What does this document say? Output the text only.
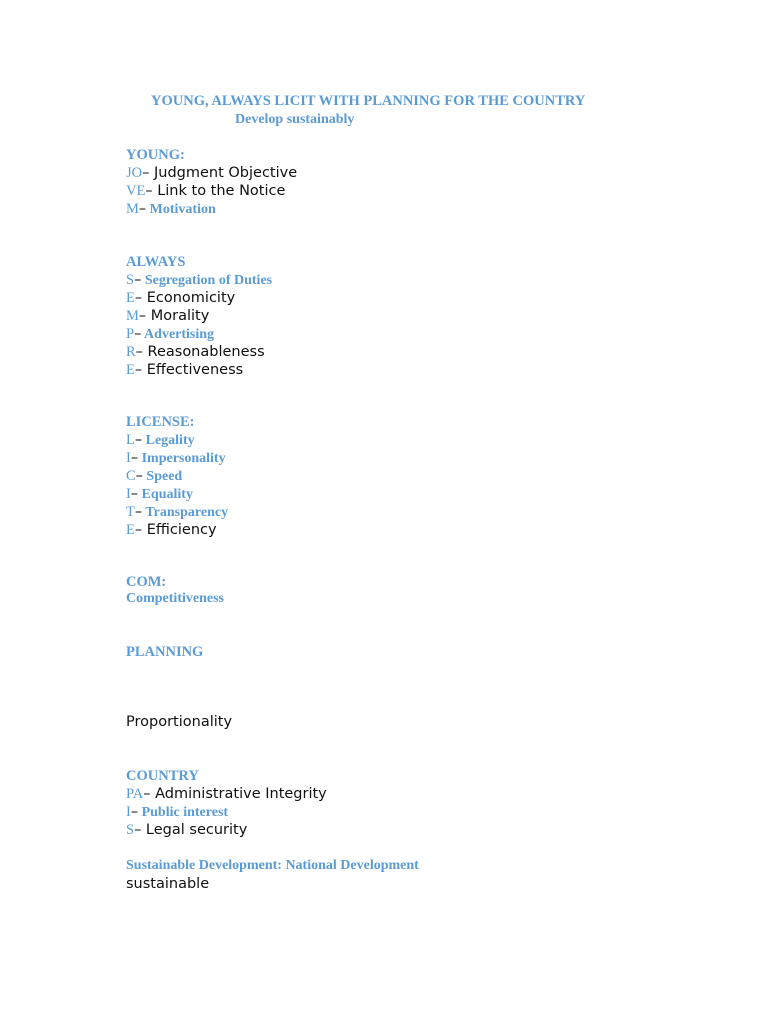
YOUNG, ALWAYS LICIT WITH PLANNING FOR THE COUNTRY
Develop sustainably
YOUNG:
JO– Judgment Objective
VE– Link to the Notice
M– Motivation
ALWAYS
S– Segregation of Duties
E– Economicity
M– Morality
P– Advertising
R– Reasonableness
E– Effectiveness
LICENSE:
L– Legality
I– Impersonality
C– Speed
I– Equality
T– Transparency
E– Efficiency
COM:
Competitiveness
PLANNING
Proportionality
COUNTRY
PA– Administrative Integrity
I– Public interest
S– Legal security
Sustainable Development: National Development
sustainable
